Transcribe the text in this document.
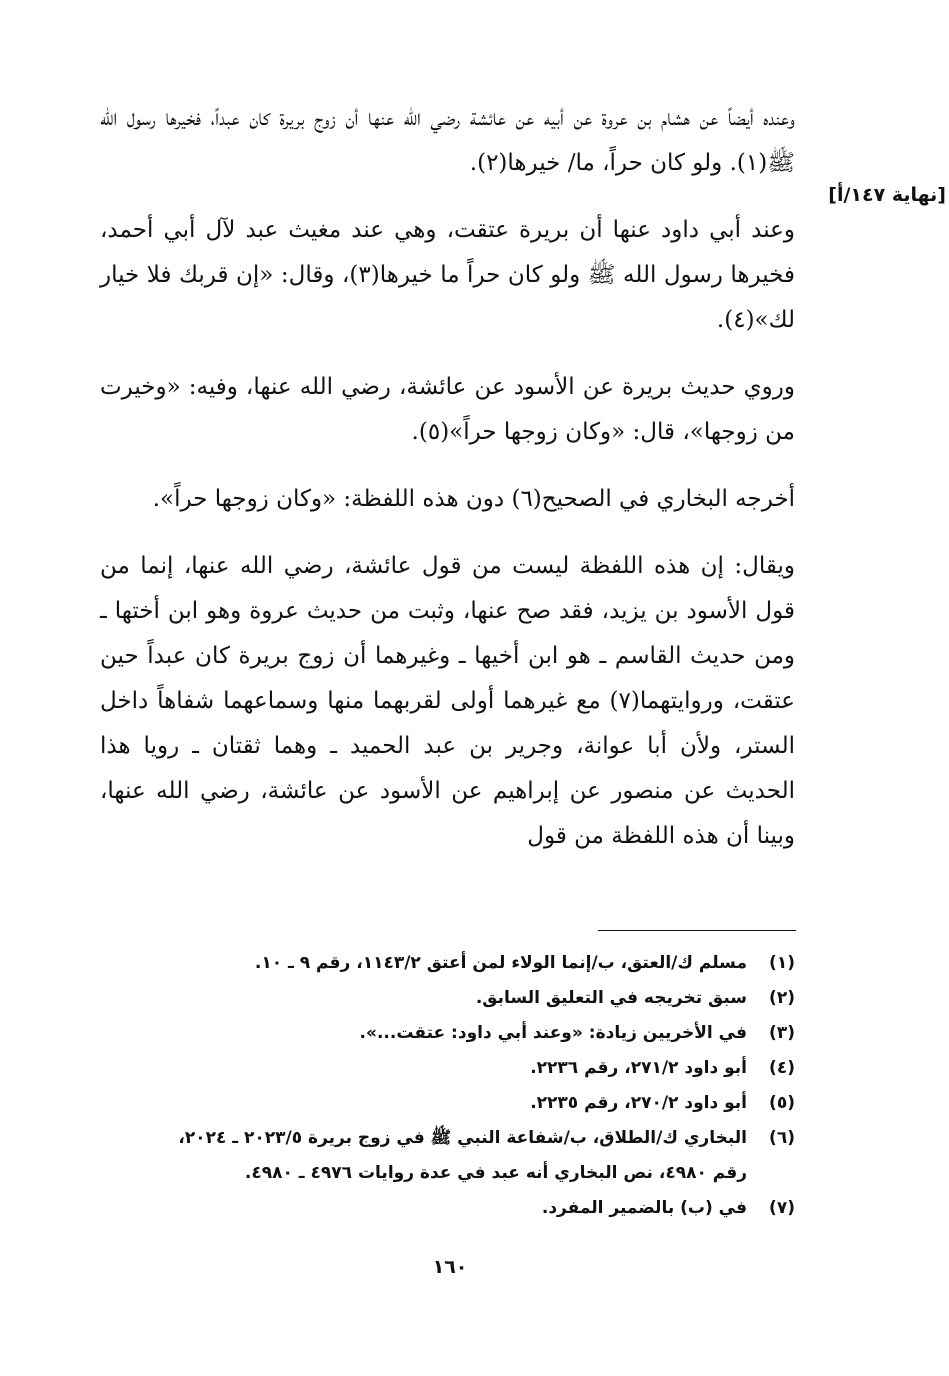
[نهاية ١٤٧/أ]

وعنده أيضاً عن هشام بن عروة عن أبيه عن عائشة رضي الله عنها أن زوج بريرة كان عبداً، فخيرها رسول الله ﷺ(١). ولو كان حراً، ما/ خيرها(٢).

وعند أبي داود عنها أن بريرة عتقت، وهي عند مغيث عبد لآل أبي أحمد، فخيرها رسول الله ﷺ ولو كان حراً ما خيرها(٣)، وقال: «إن قربك فلا خيار لك»(٤).

وروي حديث بريرة عن الأسود عن عائشة، رضي الله عنها، وفيه: «وخيرت من زوجها»، قال: «وكان زوجها حراً»(٥).

أخرجه البخاري في الصحيح(٦) دون هذه اللفظة: «وكان زوجها حراً».

ويقال: إن هذه اللفظة ليست من قول عائشة، رضي الله عنها، إنما من قول الأسود بن يزيد، فقد صح عنها، وثبت من حديث عروة وهو ابن أختها ـ ومن حديث القاسم ـ هو ابن أخيها ـ وغيرهما أن زوج بريرة كان عبداً حين عتقت، وروايتهما(٧) مع غيرهما أولى لقربهما منها وسماعهما شفاهاً داخل الستر، ولأن أبا عوانة، وجرير بن عبد الحميد ـ وهما ثقتان ـ رويا هذا الحديث عن منصور عن إبراهيم عن الأسود عن عائشة، رضي الله عنها، وبينا أن هذه اللفظة من قول

(١)
مسلم ك/العتق، ب/إنما الولاء لمن أعتق ١١٤٣/٢، رقم ٩ ـ ١٠.
(٢)
سبق تخريجه في التعليق السابق.
(٣)
في الأخريين زيادة: «وعند أبي داود: عتقت...».
(٤)
أبو داود ٢٧١/٢، رقم ٢٢٣٦.
(٥)
أبو داود ٢٧٠/٢، رقم ٢٢٣٥.
(٦)
البخاري ك/الطلاق، ب/شفاعة النبي ﷺ في زوج بريرة ٢٠٢٣/٥ ـ ٢٠٢٤،
رقم ٤٩٨٠، نص البخاري أنه عبد في عدة روايات ٤٩٧٦ ـ ٤٩٨٠.
(٧)
في (ب) بالضمير المفرد.
١٦٠
